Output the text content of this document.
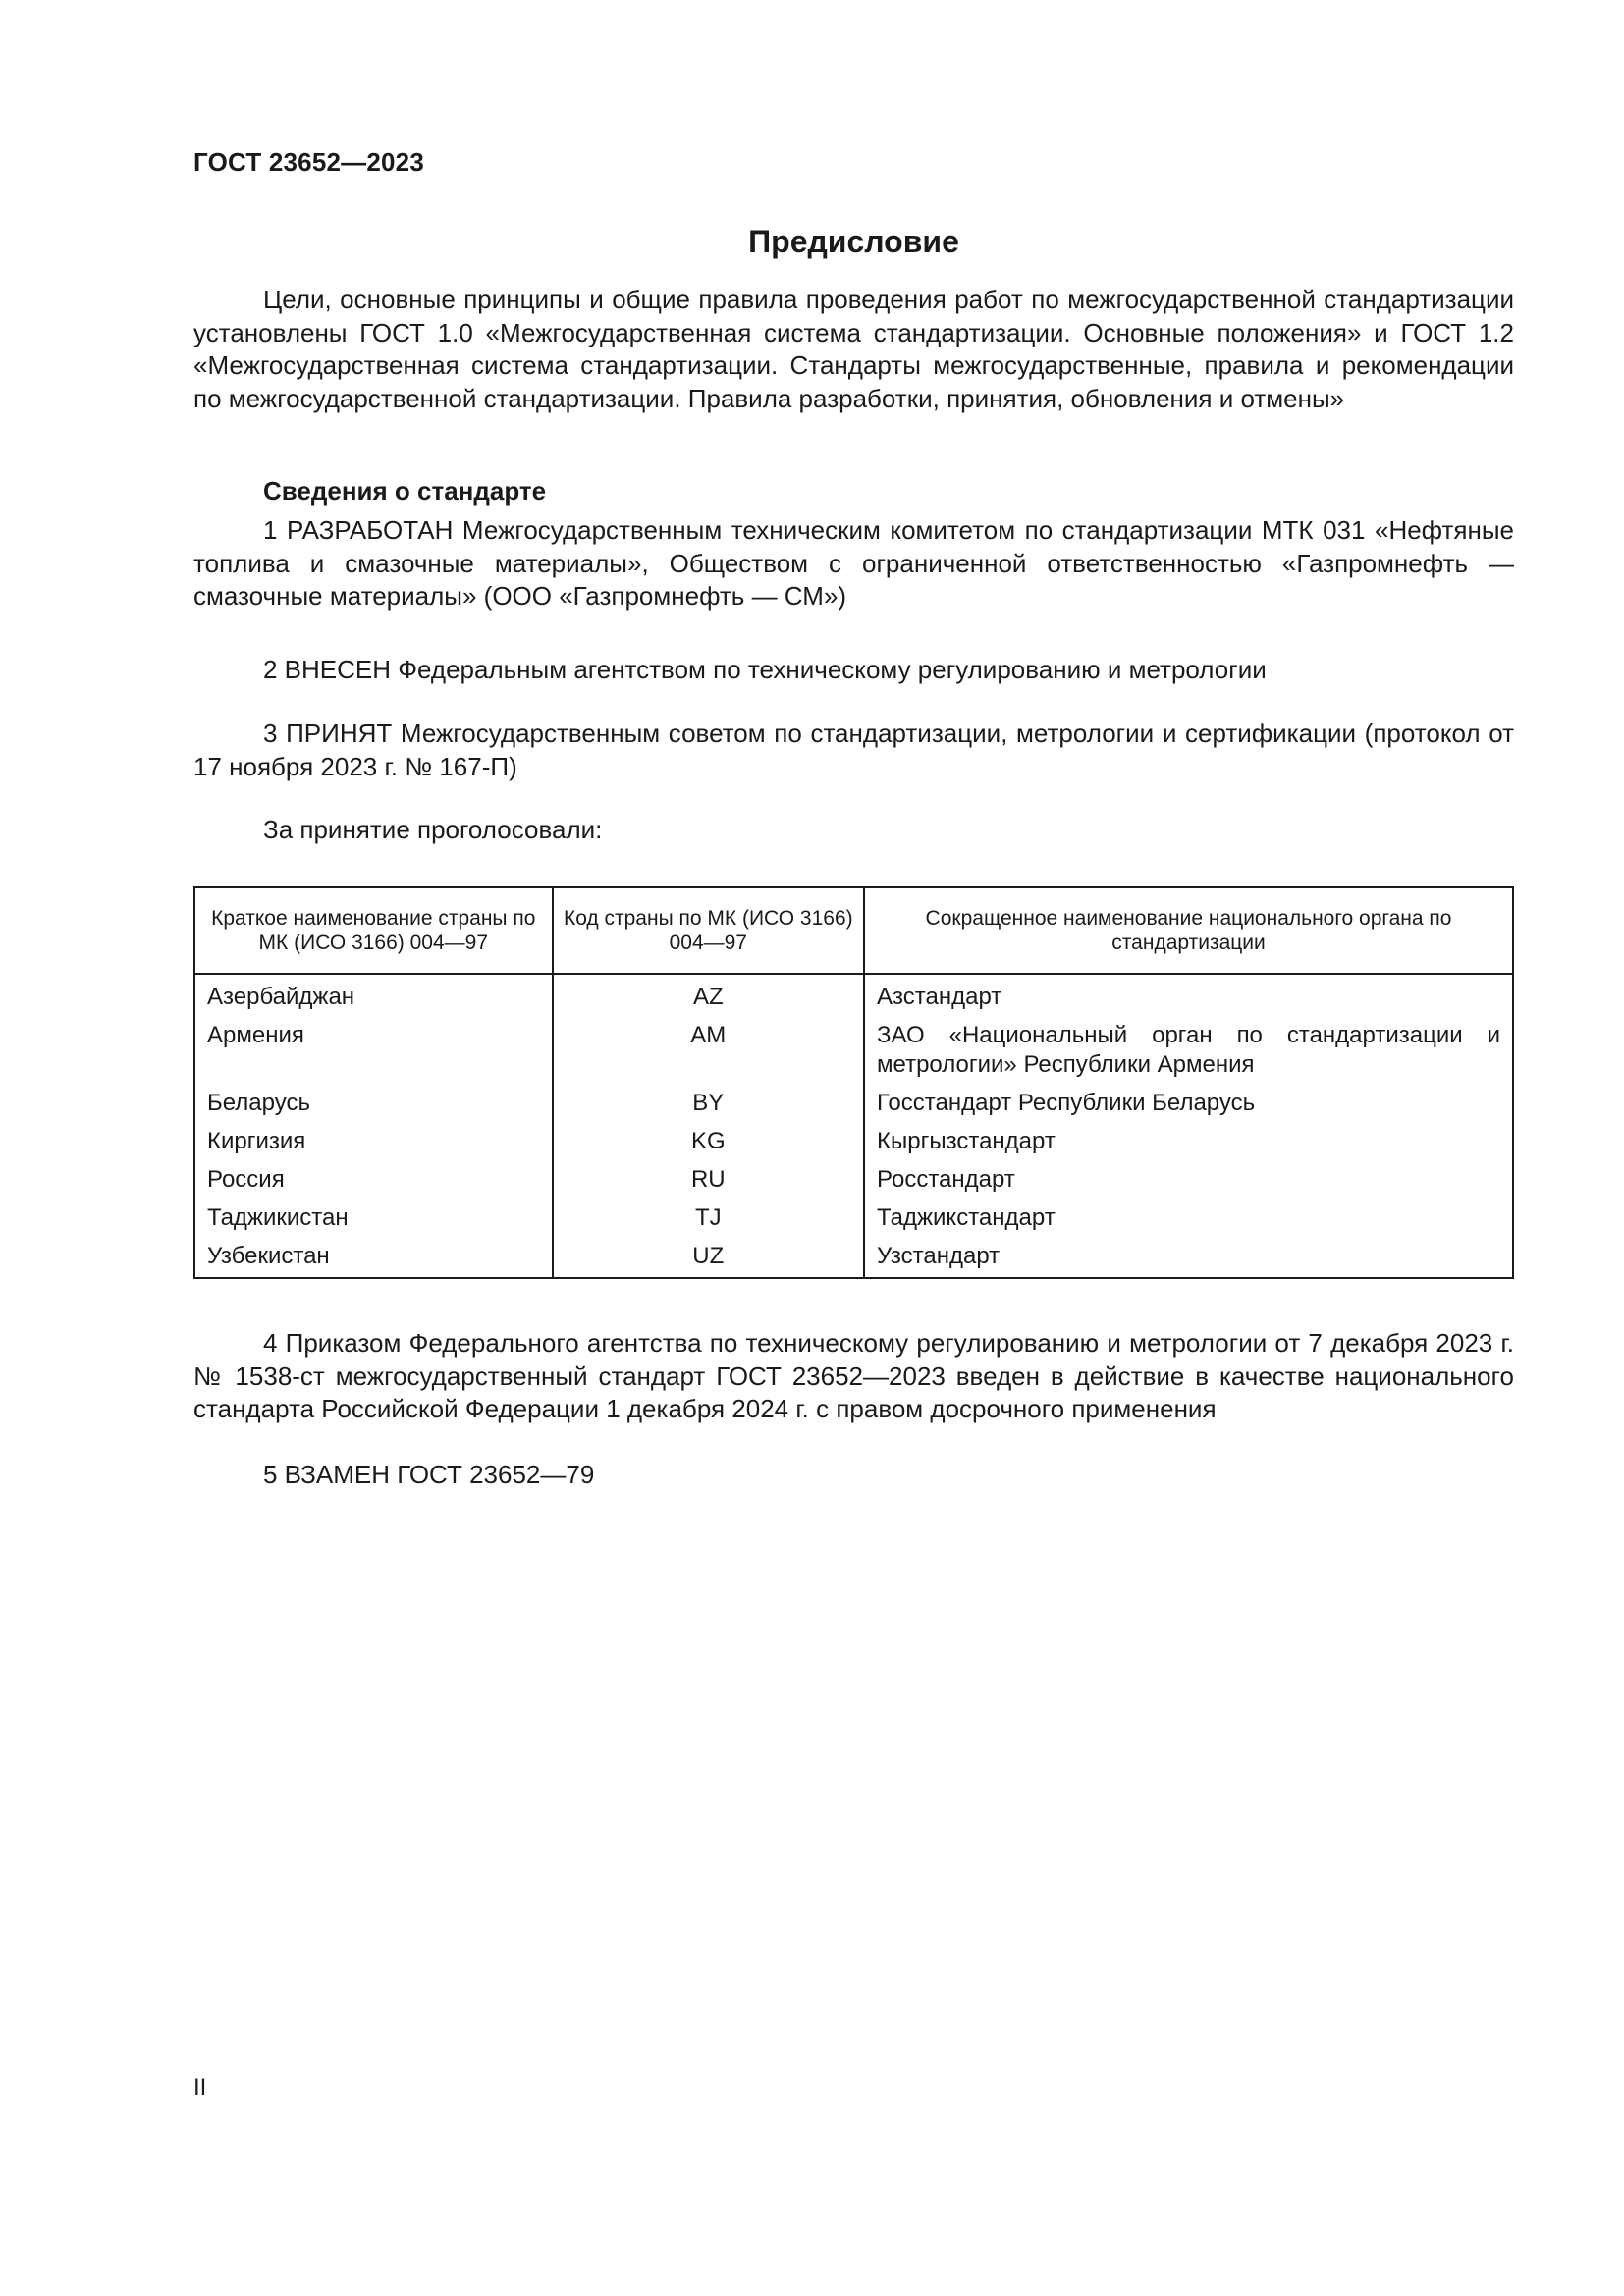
ГОСТ 23652—2023
Предисловие

Цели, основные принципы и общие правила проведения работ по межгосударственной стандартизации установлены ГОСТ 1.0 «Межгосударственная система стандартизации. Основные положения» и ГОСТ 1.2 «Межгосударственная система стандартизации. Стандарты межгосударственные, правила и рекомендации по межгосударственной стандартизации. Правила разработки, принятия, обновления и отмены»

Сведения о стандарте

1 РАЗРАБОТАН Межгосударственным техническим комитетом по стандартизации МТК 031 «Нефтяные топлива и смазочные материалы», Обществом с ограниченной ответственностью «Газпромнефть — смазочные материалы» (ООО «Газпромнефть — СМ»)

2 ВНЕСЕН Федеральным агентством по техническому регулированию и метрологии

3 ПРИНЯТ Межгосударственным советом по стандартизации, метрологии и сертификации (протокол от 17 ноября 2023 г. № 167-П)

За принятие проголосовали:
Краткое наименование страны по МК (ИСО 3166) 004—97	Код страны по МК (ИСО 3166) 004—97	Сокращенное наименование национального органа по стандартизации
Азербайджан	AZ	Азстандарт
Армения	AM	ЗАО «Национальный орган по стандартизации и метрологии» Республики Армения
Беларусь	BY	Госстандарт Республики Беларусь
Киргизия	KG	Кыргызстандарт
Россия	RU	Росстандарт
Таджикистан	TJ	Таджикстандарт
Узбекистан	UZ	Узстандарт

4 Приказом Федерального агентства по техническому регулированию и метрологии от 7 декабря 2023 г. № 1538-ст межгосударственный стандарт ГОСТ 23652—2023 введен в действие в качестве национального стандарта Российской Федерации 1 декабря 2024 г. с правом досрочного применения

5 ВЗАМЕН ГОСТ 23652—79
II
